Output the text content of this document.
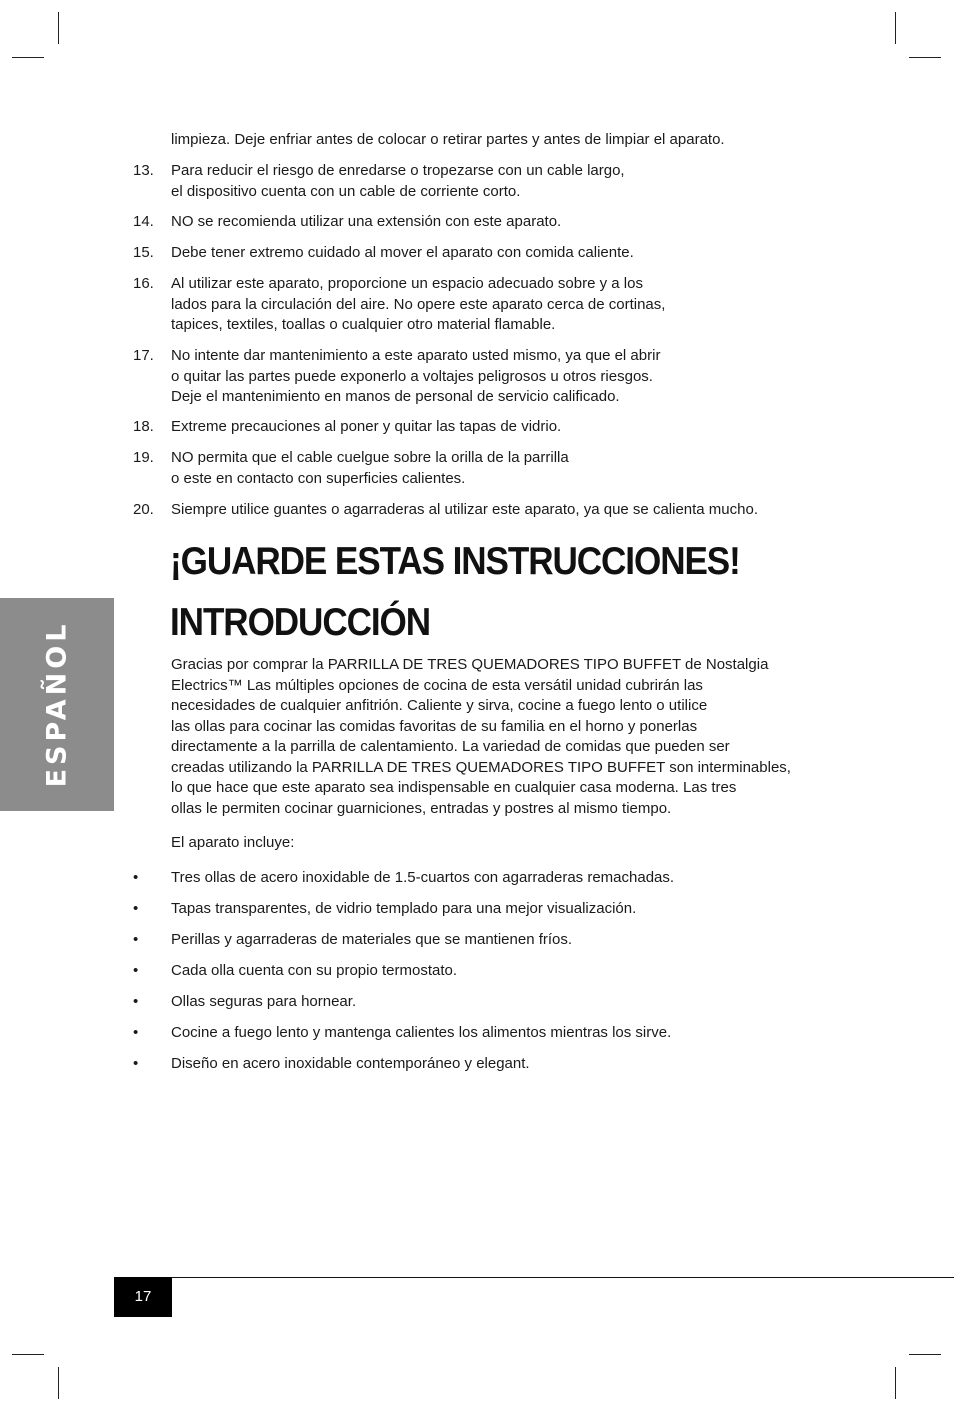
ESPAÑOL
limpieza. Deje enfriar antes de colocar o retirar partes y antes de limpiar el aparato.
13. Para reducir el riesgo de enredarse o tropezarse con un cable largo,
el dispositivo cuenta con un cable de corriente corto.
14. NO se recomienda utilizar una extensión con este aparato.
15. Debe tener extremo cuidado al mover el aparato con comida caliente.
16. Al utilizar este aparato, proporcione un espacio adecuado sobre y a los
lados para la circulación del aire. No opere este aparato cerca de cortinas,
tapices, textiles, toallas o cualquier otro material flamable.
17. No intente dar mantenimiento a este aparato usted mismo, ya que el abrir
o quitar las partes puede exponerlo a voltajes peligrosos u otros riesgos.
Deje el mantenimiento en manos de personal de servicio calificado.
18. Extreme precauciones al poner y quitar las tapas de vidrio.
19. NO permita que el cable cuelgue sobre la orilla de la parrilla
o este en contacto con superficies calientes.
20. Siempre utilice guantes o agarraderas al utilizar este aparato, ya que se calienta mucho.
¡GUARDE ESTAS INSTRUCCIONES!
INTRODUCCIÓN
Gracias por comprar la PARRILLA DE TRES QUEMADORES TIPO BUFFET de Nostalgia
Electrics™ Las múltiples opciones de cocina de esta versátil unidad cubrirán las
necesidades de cualquier anfitrión. Caliente y sirva, cocine a fuego lento o utilice
las ollas para cocinar las comidas favoritas de su familia en el horno y ponerlas
directamente a la parrilla de calentamiento. La variedad de comidas que pueden ser
creadas utilizando la PARRILLA DE TRES QUEMADORES TIPO BUFFET son interminables,
lo que hace que este aparato sea indispensable en cualquier casa moderna. Las tres
ollas le permiten cocinar guarniciones, entradas y postres al mismo tiempo.
El aparato incluye:
• Tres ollas de acero inoxidable de 1.5-cuartos con agarraderas remachadas.
• Tapas transparentes, de vidrio templado para una mejor visualización.
• Perillas y agarraderas de materiales que se mantienen fríos.
• Cada olla cuenta con su propio termostato.
• Ollas seguras para hornear.
• Cocine a fuego lento y mantenga calientes los alimentos mientras los sirve.
• Diseño en acero inoxidable contemporáneo y elegant.
17
